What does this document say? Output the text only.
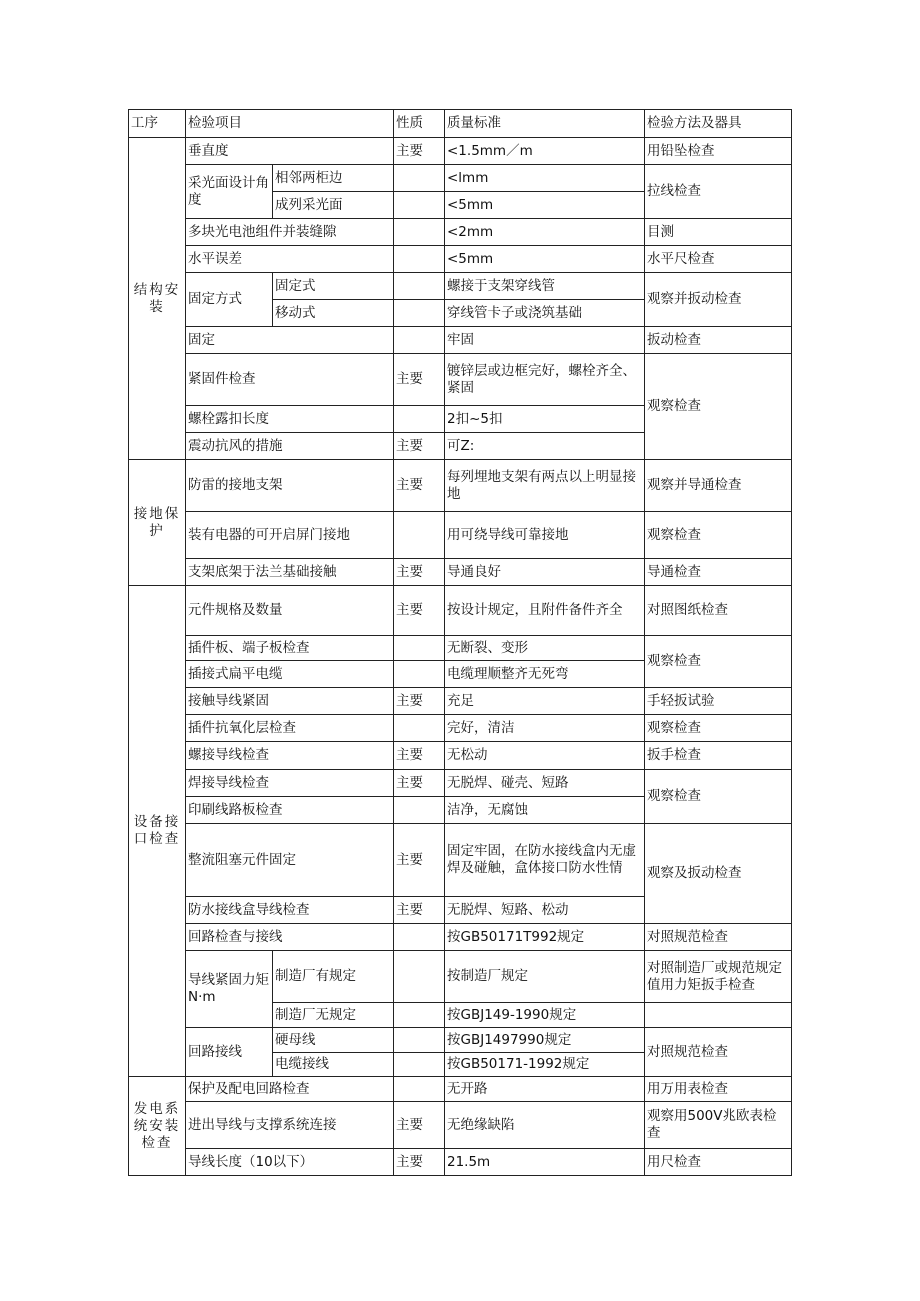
工序	检验项目		性质	质量标准	检验方法及器具
结构安装	垂直度		主要	<1.5mm／m	用铅坠检查
	采光面设计角度	相邻两柜边		<lmm	拉线检查
		成列采光面		<5mm	
	多块光电池组件并装缝隙			<2mm	目测
	水平误差			<5mm	水平尺检查
	固定方式	固定式		螺接于支架穿线管	观察并扳动检查
		移动式		穿线管卡子或浇筑基础	
	固定			牢固	扳动检查
	紧固件检查		主要	镀锌层或边框完好，螺栓齐全、紧固	观察检查
	螺栓露扣长度			2扣~5扣	
	震动抗风的措施		主要	可Z:	
接地保护	防雷的接地支架		主要	每列埋地支架有两点以上明显接地	观察并导通检查
	装有电器的可开启屏门接地			用可绕导线可靠接地	观察检查
	支架底架于法兰基础接触		主要	导通良好	导通检查
设备接口检查	元件规格及数量		主要	按设计规定，且附件备件齐全	对照图纸检查
	插件板、端子板检查			无断裂、变形	观察检查
	插接式扁平电缆			电缆理顺整齐无死弯	
	接触导线紧固		主要	充足	手轻扳试验
	插件抗氧化层检查			完好，清洁	观察检查
	螺接导线检查		主要	无松动	扳手检查
	焊接导线检查		主要	无脱焊、碰壳、短路	观察检查
	印刷线路板检查			洁净，无腐蚀	
	整流阻塞元件固定		主要	固定牢固，在防水接线盒内无虚焊及碰触，盒体接口防水性情	观察及扳动检查
	防水接线盒导线检查		主要	无脱焊、短路、松动	
	回路检查与接线			按GB50171T992规定	对照规范检查
	导线紧固力矩N·m	制造厂有规定		按制造厂规定	对照制造厂或规范规定值用力矩扳手检查
		制造厂无规定		按GBJ149-1990规定	
	回路接线	硬母线		按GBJ1497990规定	对照规范检查
		电缆接线		按GB50171-1992规定	
发电系统安装检查	保护及配电回路检查			无开路	用万用表检查
	进出导线与支撑系统连接		主要	无绝缘缺陷	观察用500V兆欧表检查
	导线长度（10以下）		主要	21.5m	用尺检查
